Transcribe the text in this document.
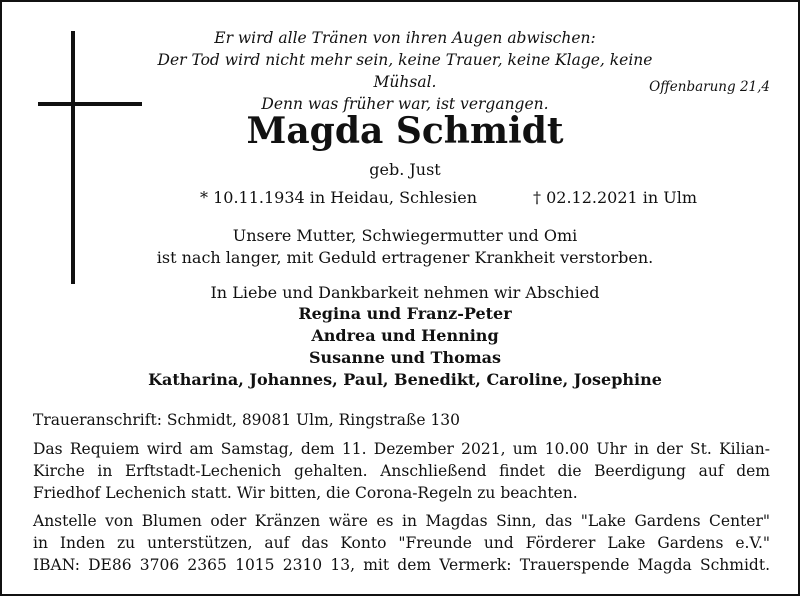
Er wird alle Tränen von ihren Augen abwischen:
Der Tod wird nicht mehr sein, keine Trauer, keine Klage, keine Mühsal.
Denn was früher war, ist vergangen.
Offenbarung 21,4
Magda Schmidt
geb. Just
* 10.11.1934 in Heidau, Schlesien	† 02.12.2021 in Ulm
Unsere Mutter, Schwiegermutter und Omi
ist nach langer, mit Geduld ertragener Krankheit verstorben.
In Liebe und Dankbarkeit nehmen wir Abschied
Regina und Franz-Peter
Andrea und Henning
Susanne und Thomas
Katharina, Johannes, Paul, Benedikt, Caroline, Josephine
Traueranschrift: Schmidt, 89081 Ulm, Ringstraße 130
Das Requiem wird am Samstag, dem 11. Dezember 2021, um 10.00 Uhr in der St. Kilian-
Kirche in Erftstadt-Lechenich gehalten. Anschließend findet die Beerdigung auf dem
Friedhof Lechenich statt. Wir bitten, die Corona-Regeln zu beachten.
Anstelle von Blumen oder Kränzen wäre es in Magdas Sinn, das "Lake Gardens Center"
in Inden zu unterstützen, auf das Konto "Freunde und Förderer Lake Gardens e.V."
IBAN: DE86 3706 2365 1015 2310 13, mit dem Vermerk: Trauerspende Magda Schmidt.
